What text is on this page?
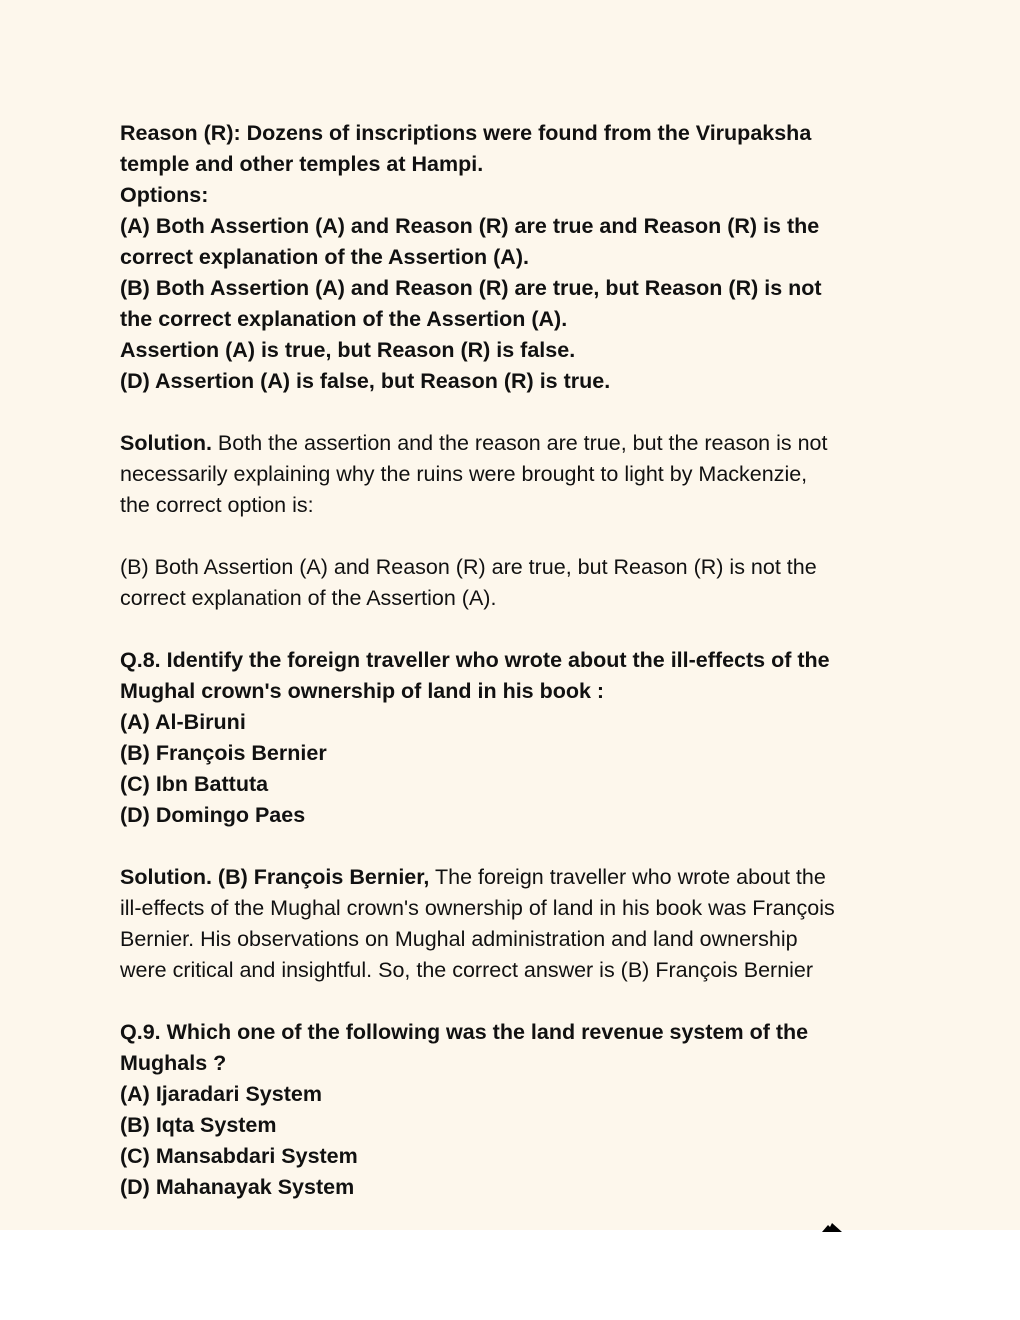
Reason (R): Dozens of inscriptions were found from the Virupaksha
temple and other temples at Hampi.
Options:
(A) Both Assertion (A) and Reason (R) are true and Reason (R) is the
correct explanation of the Assertion (A).
(B) Both Assertion (A) and Reason (R) are true, but Reason (R) is not
the correct explanation of the Assertion (A).
Assertion (A) is true, but Reason (R) is false.
(D) Assertion (A) is false, but Reason (R) is true.
Solution. Both the assertion and the reason are true, but the reason is not
necessarily explaining why the ruins were brought to light by Mackenzie,
the correct option is:
(B) Both Assertion (A) and Reason (R) are true, but Reason (R) is not the
correct explanation of the Assertion (A).
Q.8. Identify the foreign traveller who wrote about the ill-effects of the
Mughal crown's ownership of land in his book :
(A) Al-Biruni
(B) François Bernier
(C) Ibn Battuta
(D) Domingo Paes
Solution. (B) François Bernier, The foreign traveller who wrote about the
ill-effects of the Mughal crown's ownership of land in his book was François
Bernier. His observations on Mughal administration and land ownership
were critical and insightful. So, the correct answer is (B) François Bernier
Q.9. Which one of the following was the land revenue system of the
Mughals ?
(A) Ijaradari System
(B) Iqta System
(C) Mansabdari System
(D) Mahanayak System
